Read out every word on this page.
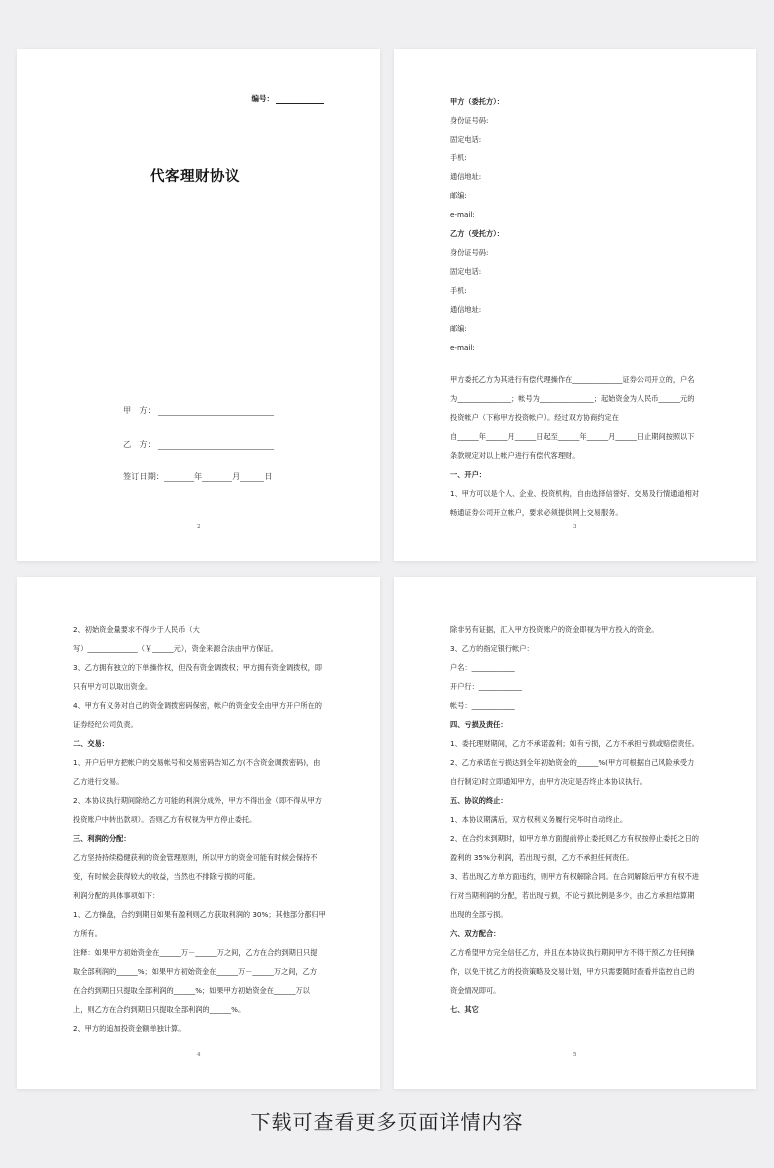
编号：
代客理财协议
甲　方：
乙　方：
签订日期：	年	月	日
2
甲方（委托方）：
身份证号码:
固定电话:
手机:
通信地址:
邮编:
e-mail:
乙方（受托方）：
身份证号码:
固定电话:
手机:
通信地址:
邮编:
e-mail:
甲方委托乙方为其进行有偿代理操作在______________证券公司开立的，户名
为_______________；帐号为_______________；起始资金为人民币______元的
投资帐户（下称甲方投资帐户）。经过双方协商约定在
自______年______月______日起至______年______月______日止期间按照以下
条款规定对以上帐户进行有偿代客理财。
一、开户：
1、甲方可以是个人、企业、投资机构，自由选择信誉好、交易及行情通道相对
畅通证券公司开立帐户，要求必须提供网上交易服务。
3
2、初始资金量要求不得少于人民币（大
写）______________（￥______元），资金来源合法由甲方保证。
3、乙方拥有独立的下单操作权，但没有资金调拨权；甲方拥有资金调拨权，即
只有甲方可以取出资金。
4、甲方有义务对自己的资金调拨密码保密，帐户的资金安全由甲方开户所在的
证券经纪公司负责。
二、交易：
1、开户后甲方把帐户的交易帐号和交易密码告知乙方(不含资金调拨密码)，由
乙方进行交易。
2、本协议执行期间除给乙方可能的利润分成外，甲方不得出金（即不得从甲方
投资账户中转出款项）。否则乙方有权视为甲方停止委托。
三、利润的分配：
乙方坚持持续稳健获利的资金管理原则，所以甲方的资金可能有时候会保持不
变，有时候会获得较大的收益，当然也不排除亏损的可能。
利润分配的具体事项如下：
1、乙方操盘，合约到期日如果有盈利则乙方获取利润的 30%；其他部分都归甲
方所有。
注释：如果甲方初始资金在______万－______万之间，乙方在合约到期日只提
取全部利润的______%；如果甲方初始资金在______万－______万之间，乙方
在合约到期日只提取全部利润的______%；如果甲方初始资金在______万以
上，则乙方在合约到期日只提取全部利润的______%。
2、甲方的追加投资金额单独计算。
4
除非另有证据，汇入甲方投资账户的资金即视为甲方投入的资金。
3、乙方的指定银行帐户：
户名：____________
开户行：____________
帐号：____________
四、亏损及责任：
1、委托理财期间，乙方不承诺盈利；如有亏损，乙方不承担亏损或赔偿责任。
2、乙方承诺在亏损达到全年初始资金的______%(甲方可根据自己风险承受力
自行制定)时立即通知甲方，由甲方决定是否终止本协议执行。
五、协议的终止：
1、本协议期满后，双方权利义务履行完毕时自动终止。
2、在合约未到期时，如甲方单方面提前停止委托则乙方有权按停止委托之日的
盈利的 35%分利润，若出现亏损，乙方不承担任何责任。
3、若出现乙方单方面违约，则甲方有权解除合同。在合同解除后甲方有权不进
行对当期利润的分配，若出现亏损，不论亏损比例是多少，由乙方承担结算期
出现的全部亏损。
六、双方配合：
乙方希望甲方完全信任乙方，并且在本协议执行期间甲方不得干预乙方任何操
作，以免干扰乙方的投资策略及交易计划，甲方只需要随时查看并监控自己的
资金情况即可。
七、其它
5
下载可查看更多页面详情内容
